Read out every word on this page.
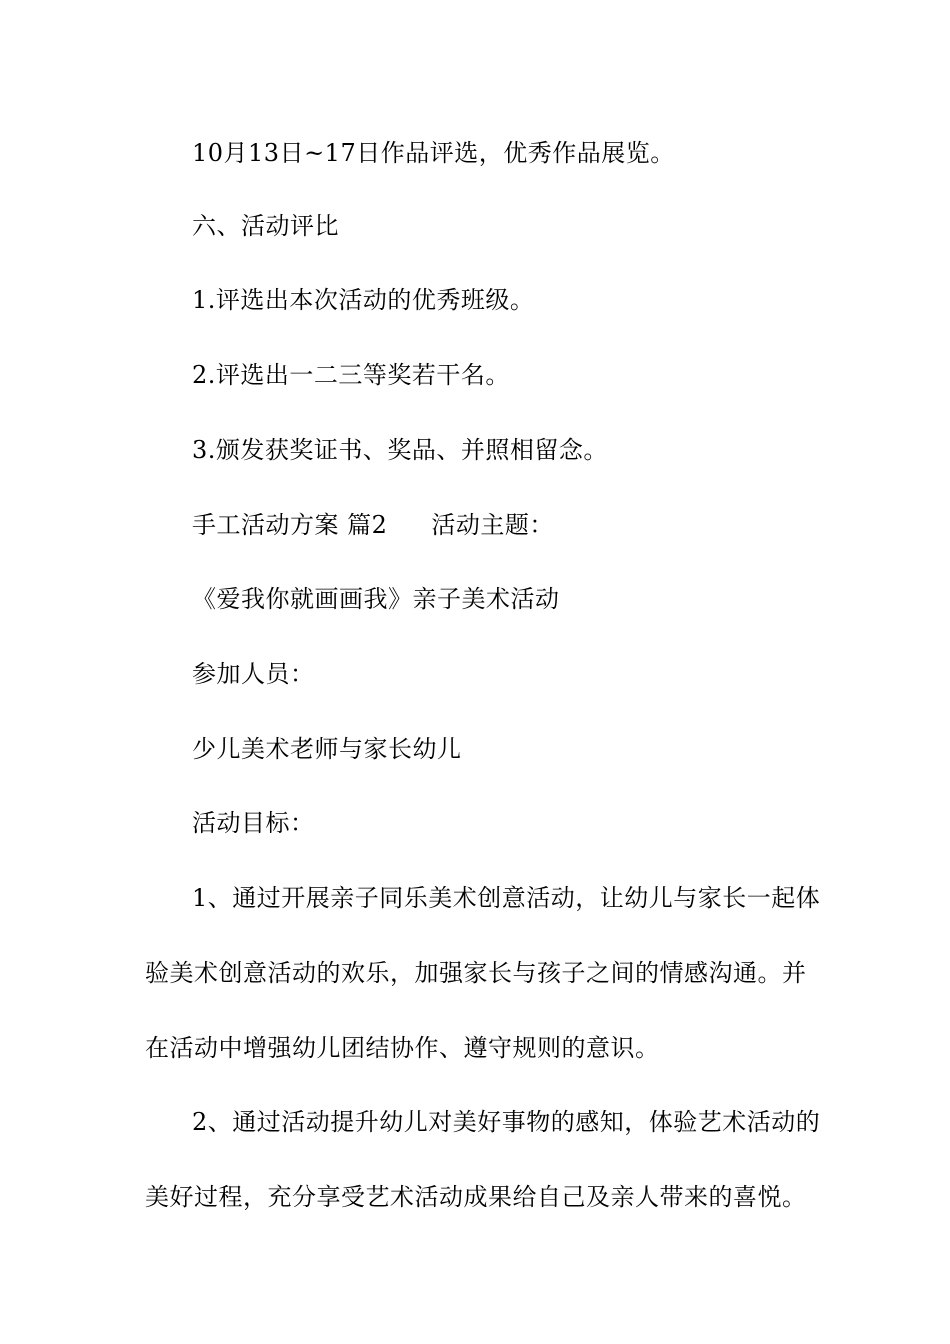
10月13日~17日作品评选，优秀作品展览。
六、活动评比
1.评选出本次活动的优秀班级。
2.评选出一二三等奖若干名。
3.颁发获奖证书、奖品、并照相留念。
手工活动方案 篇2 活动主题：
《爱我你就画画我》亲子美术活动
参加人员：
少儿美术老师与家长幼儿
活动目标：
1、通过开展亲子同乐美术创意活动，让幼儿与家长一起体
验美术创意活动的欢乐，加强家长与孩子之间的情感沟通。并
在活动中增强幼儿团结协作、遵守规则的意识。
2、通过活动提升幼儿对美好事物的感知，体验艺术活动的
美好过程，充分享受艺术活动成果给自己及亲人带来的喜悦。
